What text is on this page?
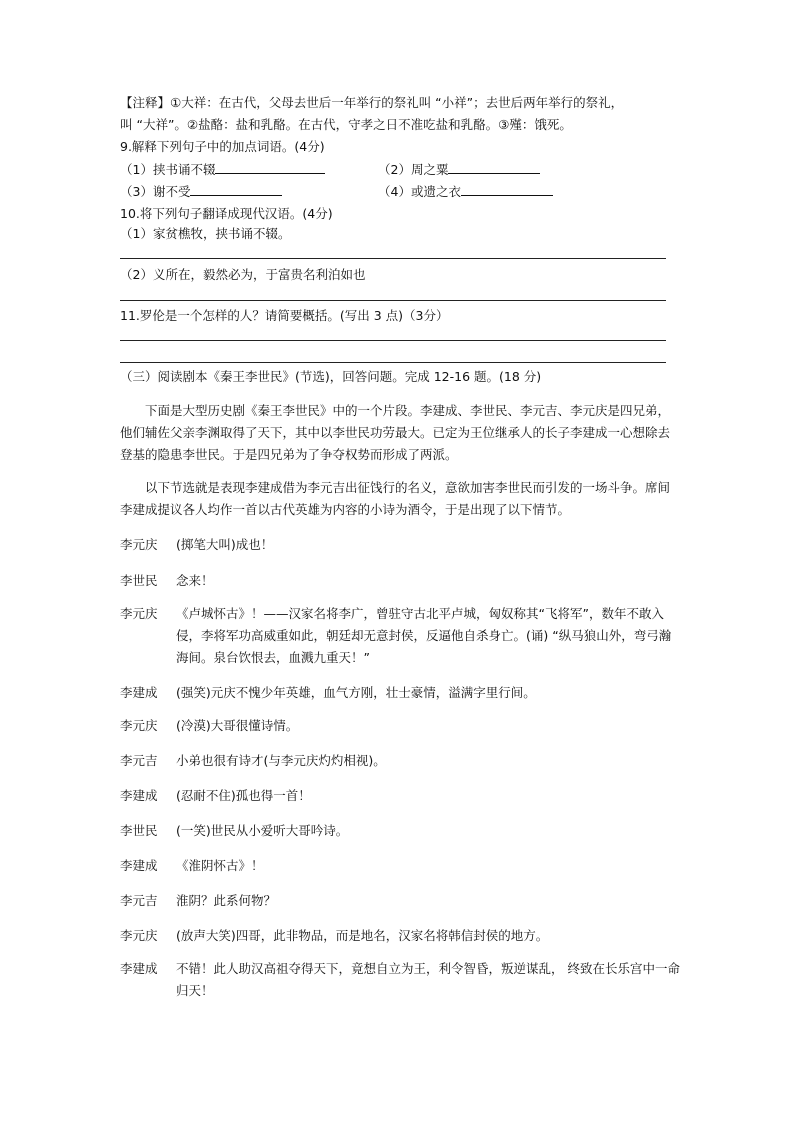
【注释】①大祥：在古代，父母去世后一年举行的祭礼叫 “小祥”；去世后两年举行的祭礼，
叫 “大祥”。②盐酪：盐和乳酪。在古代，守孝之日不准吃盐和乳酪。③殣：饿死。
9.解释下列句子中的加点词语。(4分)
（1）挟书诵不辍	（2）周之粟
（3）谢不受	（4）或遗之衣
10.将下列句子翻译成现代汉语。(4分)
（1）家贫樵牧，挟书诵不辍。
（2）义所在，毅然必为，于富贵名利泊如也
11.罗伦是一个怎样的人？请简要概括。(写出 3 点)（3分）
（三）阅读剧本《秦王李世民》(节选)，回答问题。完成 12-16 题。(18 分)
下面是大型历史剧《秦王李世民》中的一个片段。李建成、李世民、李元吉、李元庆是四兄弟，他们辅佐父亲李渊取得了天下，其中以李世民功劳最大。已定为王位继承人的长子李建成一心想除去登基的隐患李世民。于是四兄弟为了争夺权势而形成了两派。
以下节选就是表现李建成借为李元吉出征饯行的名义，意欲加害李世民而引发的一场斗争。席间李建成提议各人均作一首以古代英雄为内容的小诗为酒令，于是出现了以下情节。
李元庆	(掷笔大叫)成也！
李世民	念来！
李元庆	《卢城怀古》！——汉家名将李广，曾驻守古北平卢城，匈奴称其“飞将军”，数年不敢入侵，李将军功高威重如此，朝廷却无意封侯，反逼他自杀身亡。(诵) “纵马狼山外，弯弓瀚海间。泉台饮恨去，血溅九重天！”
李建成	(强笑)元庆不愧少年英雄，血气方刚，壮士豪情，溢满字里行间。
李元庆	(冷漠)大哥很懂诗情。
李元吉	小弟也很有诗才(与李元庆灼灼相视)。
李建成	(忍耐不住)孤也得一首！
李世民	(一笑)世民从小爱听大哥吟诗。
李建成	《淮阴怀古》！
李元吉	淮阴？此系何物？
李元庆	(放声大笑)四哥，此非物品，而是地名，汉家名将韩信封侯的地方。
李建成	不错！此人助汉高祖夺得天下，竟想自立为王，利令智昏，叛逆谋乱， 终致在长乐宫中一命归天！
